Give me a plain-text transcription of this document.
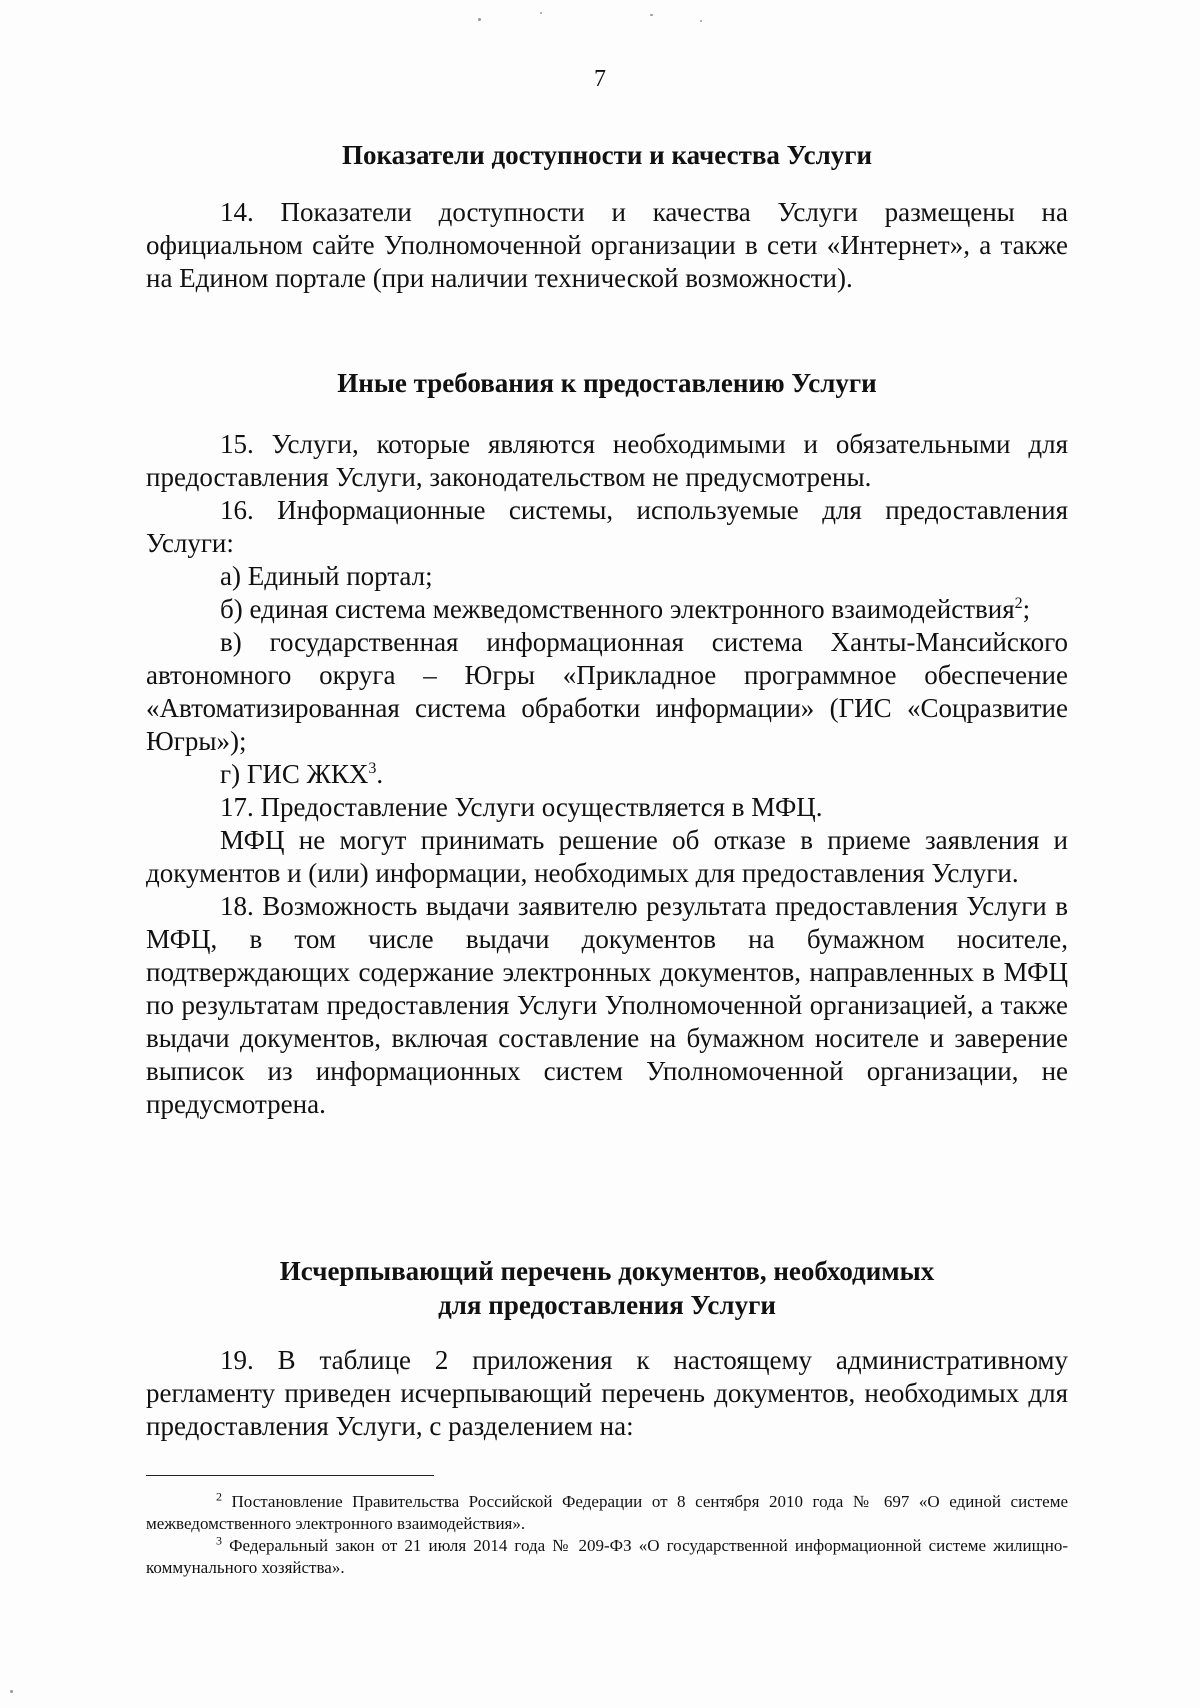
7
Показатели доступности и качества Услуги

14. Показатели доступности и качества Услуги размещены на официальном сайте Уполномоченной организации в сети «Интернет», а также на Едином портале (при наличии технической возможности).

Иные требования к предоставлению Услуги

15. Услуги, которые являются необходимыми и обязательными для предоставления Услуги, законодательством не предусмотрены.

16. Информационные системы, используемые для предоставления Услуги:

а) Единый портал;

б) единая система межведомственного электронного взаимодействия$^2$;

в) государственная информационная система Ханты-Мансийского автономного округа – Югры «Прикладное программное обеспечение «Автоматизированная система обработки информации» (ГИС «Соцразвитие Югры»);

г) ГИС ЖКХ$^3$.

17. Предоставление Услуги осуществляется в МФЦ.

МФЦ не могут принимать решение об отказе в приеме заявления и документов и (или) информации, необходимых для предоставления Услуги.

18. Возможность выдачи заявителю результата предоставления Услуги в МФЦ, в том числе выдачи документов на бумажном носителе, подтверждающих содержание электронных документов, направленных в МФЦ по результатам предоставления Услуги Уполномоченной организацией, а также выдачи документов, включая составление на бумажном носителе и заверение выписок из информационных систем Уполномоченной организации, не предусмотрена.

Исчерпывающий перечень документов, необходимых
для предоставления Услуги

19. В таблице 2 приложения к настоящему административному регламенту приведен исчерпывающий перечень документов, необходимых для предоставления Услуги, с разделением на:

$^2$ Постановление Правительства Российской Федерации от 8 сентября 2010 года № 697 «О единой системе межведомственного электронного взаимодействия».

$^3$ Федеральный закон от 21 июля 2014 года № 209-ФЗ «О государственной информационной системе жилищно-коммунального хозяйства».
